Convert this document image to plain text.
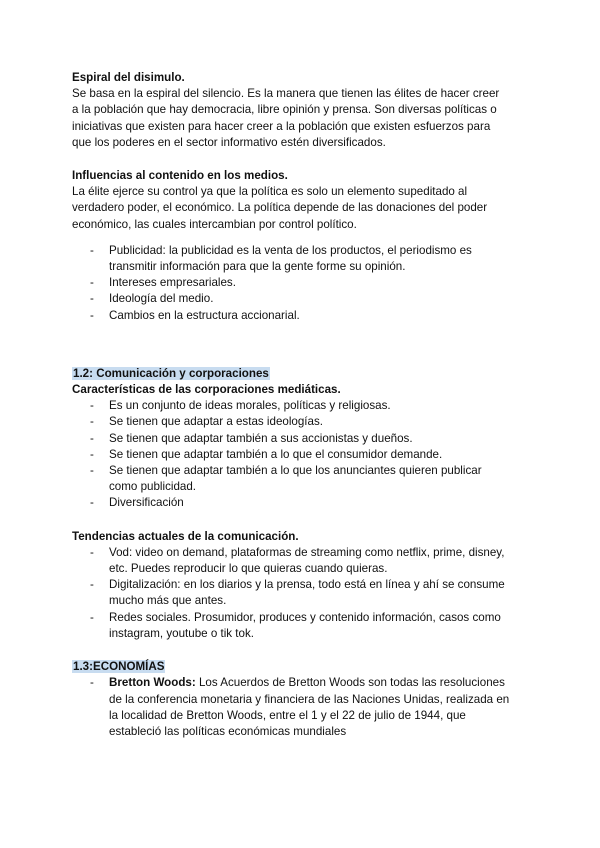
Espiral del disimulo.

Se basa en la espiral del silencio. Es la manera que tienen las élites de hacer creer

a la población que hay democracia, libre opinión y prensa. Son diversas políticas o

iniciativas que existen para hacer creer a la población que existen esfuerzos para

que los poderes en el sector informativo estén diversificados.

Influencias al contenido en los medios.

La élite ejerce su control ya que la política es solo un elemento supeditado al

verdadero poder, el económico. La política depende de las donaciones del poder

económico, las cuales intercambian por control político.

- Publicidad: la publicidad es la venta de los productos, el periodismo es
transmitir información para que la gente forme su opinión.
- Intereses empresariales.
- Ideología del medio.
- Cambios en la estructura accionarial.

1.2: Comunicación y corporaciones

Características de las corporaciones mediáticas.

- Es un conjunto de ideas morales, políticas y religiosas.
- Se tienen que adaptar a estas ideologías.
- Se tienen que adaptar también a sus accionistas y dueños.
- Se tienen que adaptar también a lo que el consumidor demande.
- Se tienen que adaptar también a lo que los anunciantes quieren publicar
como publicidad.
- Diversificación

Tendencias actuales de la comunicación.

- Vod: video on demand, plataformas de streaming como netflix, prime, disney,
etc. Puedes reproducir lo que quieras cuando quieras.
- Digitalización: en los diarios y la prensa, todo está en línea y ahí se consume
mucho más que antes.
- Redes sociales. Prosumidor, produces y contenido información, casos como
instagram, youtube o tik tok.

1.3:ECONOMÍAS

- Bretton Woods: Los Acuerdos de Bretton Woods son todas las resoluciones
de la conferencia monetaria y financiera de las Naciones Unidas, realizada en
la localidad de Bretton Woods, entre el 1 y el 22 de julio de 1944, que
estableció las políticas económicas mundiales
